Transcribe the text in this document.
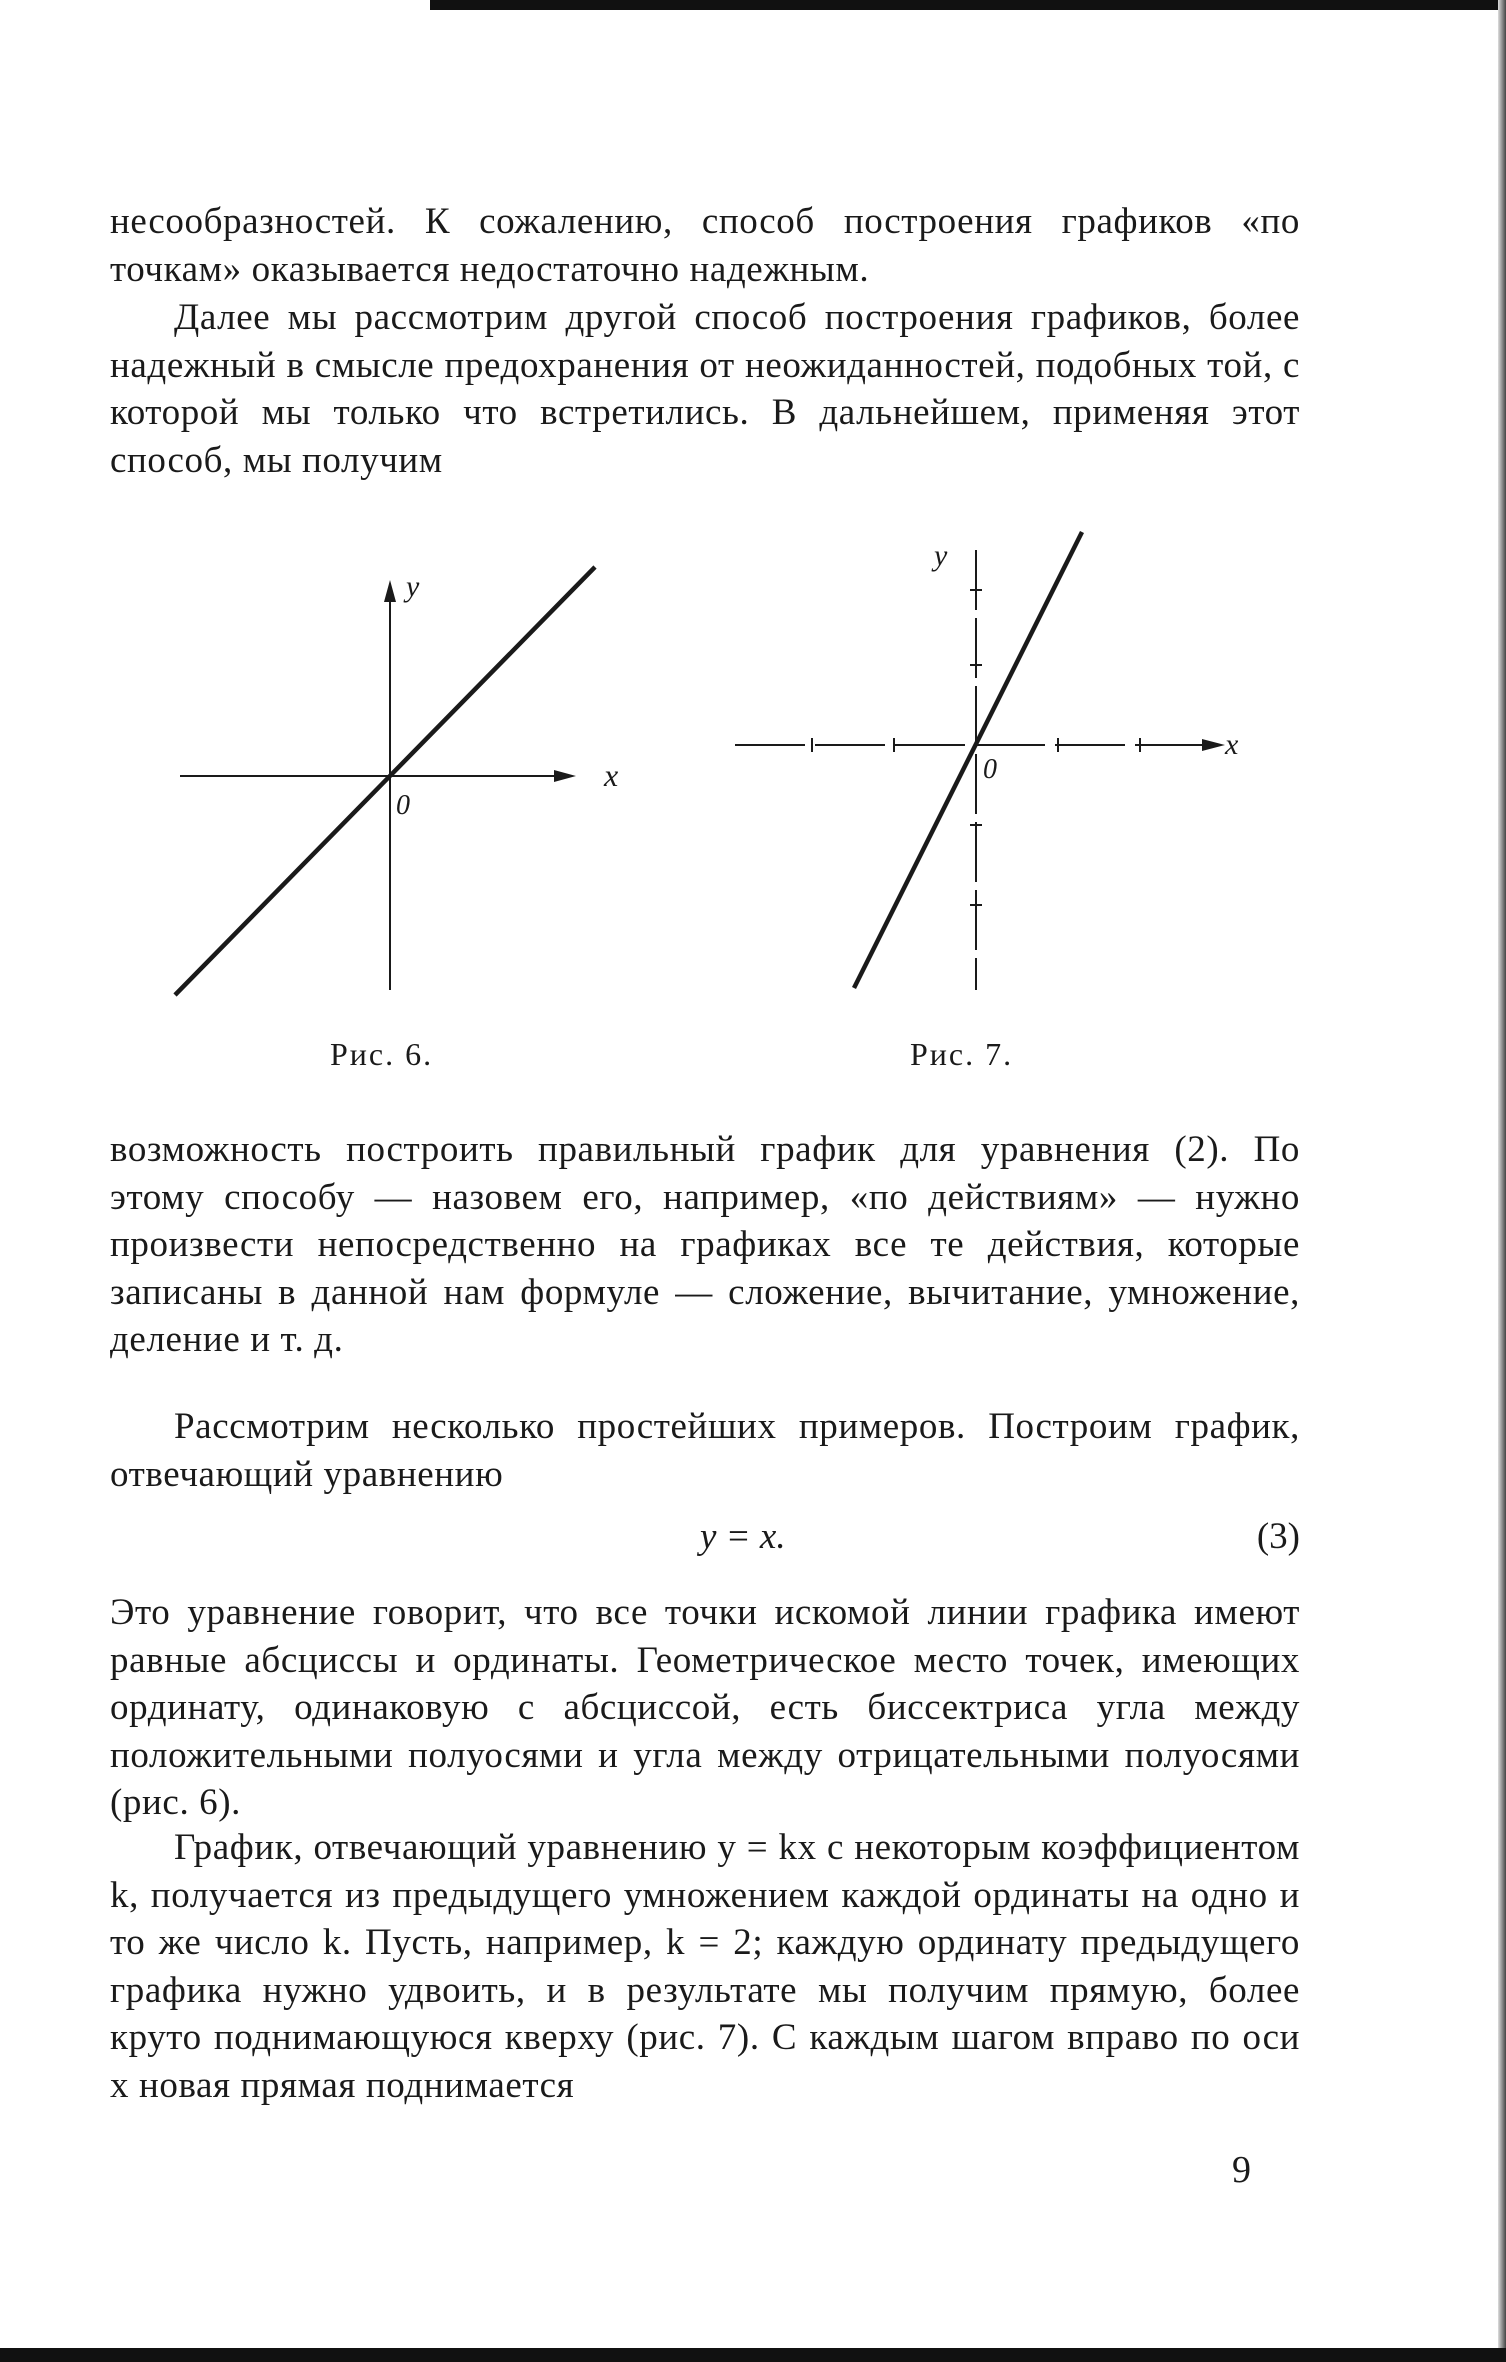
несообразностей. К сожалению, способ построения графиков «по точкам» оказывается недостаточно надежным.

Далее мы рассмотрим другой способ построения графиков, более надежный в смысле предохранения от неожиданностей, подобных той, с которой мы только что встретились. В дальнейшем, применяя этот способ, мы получим

y
x
0
Рис. 6.
y
x
0
Рис. 7.

возможность построить правильный график для уравнения (2). По этому способу — назовем его, например, «по действиям» — нужно произвести непосредственно на графиках все те действия, которые записаны в данной нам формуле — сложение, вычитание, умножение, деление и т. д.

Рассмотрим несколько простейших примеров. Построим график, отвечающий уравнению

y = x.	(3)

Это уравнение говорит, что все точки искомой линии графика имеют равные абсциссы и ординаты. Геометрическое место точек, имеющих ординату, одинаковую с абсциссой, есть биссектриса угла между положительными полуосями и угла между отрицательными полуосями (рис. 6).

График, отвечающий уравнению y = kx с некоторым коэффициентом k, получается из предыдущего умножением каждой ординаты на одно и то же число k. Пусть, например, k = 2; каждую ординату предыдущего графика нужно удвоить, и в результате мы получим прямую, более круто поднимающуюся кверху (рис. 7). С каждым шагом вправо по оси x новая прямая поднимается

9
